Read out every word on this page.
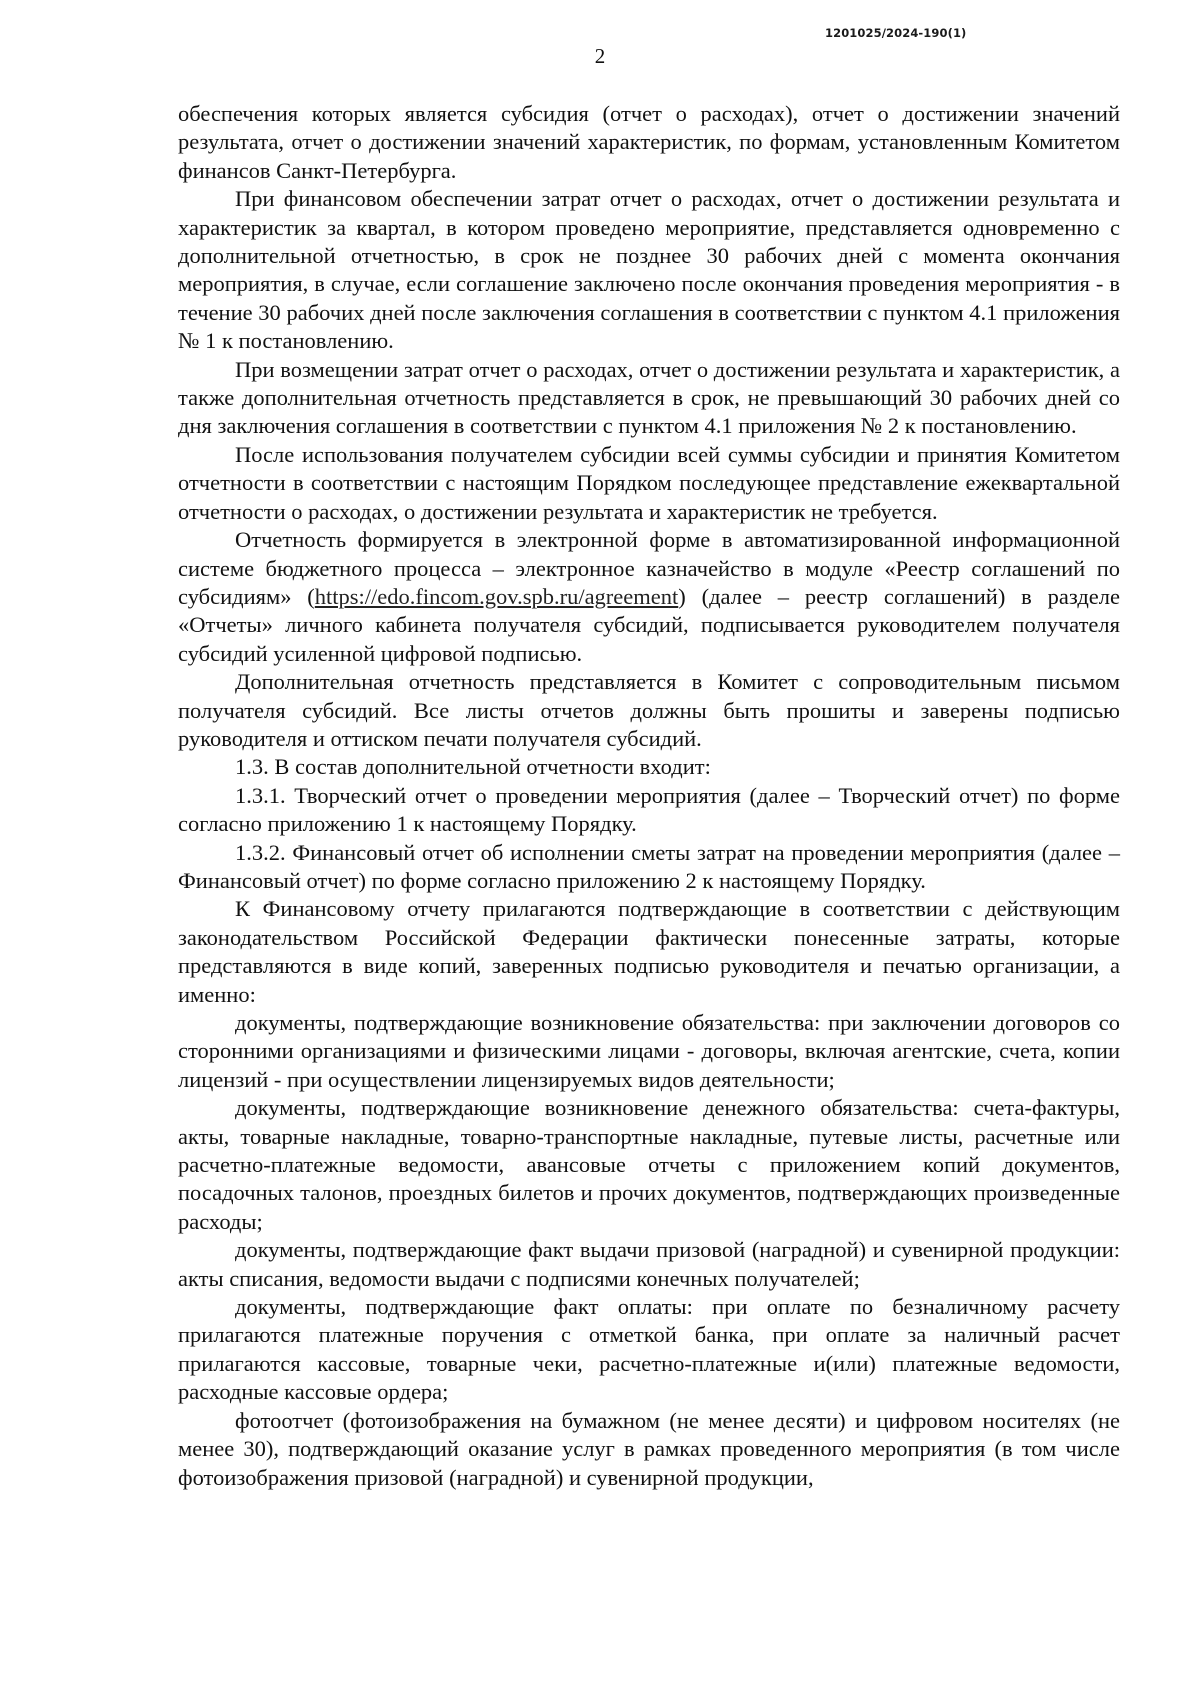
1201025/2024-190(1)
2

обеспечения которых является субсидия (отчет о расходах), отчет о достижении значений результата, отчет о достижении значений характеристик, по формам, установленным Комитетом финансов Санкт-Петербурга.

При финансовом обеспечении затрат отчет о расходах, отчет о достижении результата и характеристик за квартал, в котором проведено мероприятие, представляется одновременно с дополнительной отчетностью, в срок не позднее 30 рабочих дней с момента окончания мероприятия, в случае, если соглашение заключено после окончания проведения мероприятия - в течение 30 рабочих дней после заключения соглашения в соответствии с пунктом 4.1 приложения № 1 к постановлению.

При возмещении затрат отчет о расходах, отчет о достижении результата и характеристик, а также дополнительная отчетность представляется в срок, не превышающий 30 рабочих дней со дня заключения соглашения в соответствии с пунктом 4.1 приложения № 2 к постановлению.

После использования получателем субсидии всей суммы субсидии и принятия Комитетом отчетности в соответствии с настоящим Порядком последующее представление ежеквартальной отчетности о расходах, о достижении результата и характеристик не требуется.

Отчетность формируется в электронной форме в автоматизированной информационной системе бюджетного процесса – электронное казначейство в модуле «Реестр соглашений по субсидиям» (https://edo.fincom.gov.spb.ru/agreement) (далее – реестр соглашений) в разделе «Отчеты» личного кабинета получателя субсидий, подписывается руководителем получателя субсидий усиленной цифровой подписью.

Дополнительная отчетность представляется в Комитет с сопроводительным письмом получателя субсидий. Все листы отчетов должны быть прошиты и заверены подписью руководителя и оттиском печати получателя субсидий.

1.3. В состав дополнительной отчетности входит:

1.3.1. Творческий отчет о проведении мероприятия (далее – Творческий отчет) по форме согласно приложению 1 к настоящему Порядку.

1.3.2. Финансовый отчет об исполнении сметы затрат на проведении мероприятия (далее – Финансовый отчет) по форме согласно приложению 2 к настоящему Порядку.

К Финансовому отчету прилагаются подтверждающие в соответствии с действующим законодательством Российской Федерации фактически понесенные затраты, которые представляются в виде копий, заверенных подписью руководителя и печатью организации, а именно:

документы, подтверждающие возникновение обязательства: при заключении договоров со сторонними организациями и физическими лицами - договоры, включая агентские, счета, копии лицензий - при осуществлении лицензируемых видов деятельности;

документы, подтверждающие возникновение денежного обязательства: счета-фактуры, акты, товарные накладные, товарно-транспортные накладные, путевые листы, расчетные или расчетно-платежные ведомости, авансовые отчеты с приложением копий документов, посадочных талонов, проездных билетов и прочих документов, подтверждающих произведенные расходы;

документы, подтверждающие факт выдачи призовой (наградной) и сувенирной продукции: акты списания, ведомости выдачи с подписями конечных получателей;

документы, подтверждающие факт оплаты: при оплате по безналичному расчету прилагаются платежные поручения с отметкой банка, при оплате за наличный расчет прилагаются кассовые, товарные чеки, расчетно-платежные и(или) платежные ведомости, расходные кассовые ордера;

фотоотчет (фотоизображения на бумажном (не менее десяти) и цифровом носителях (не менее 30), подтверждающий оказание услуг в рамках проведенного мероприятия (в том числе фотоизображения призовой (наградной) и сувенирной продукции,
